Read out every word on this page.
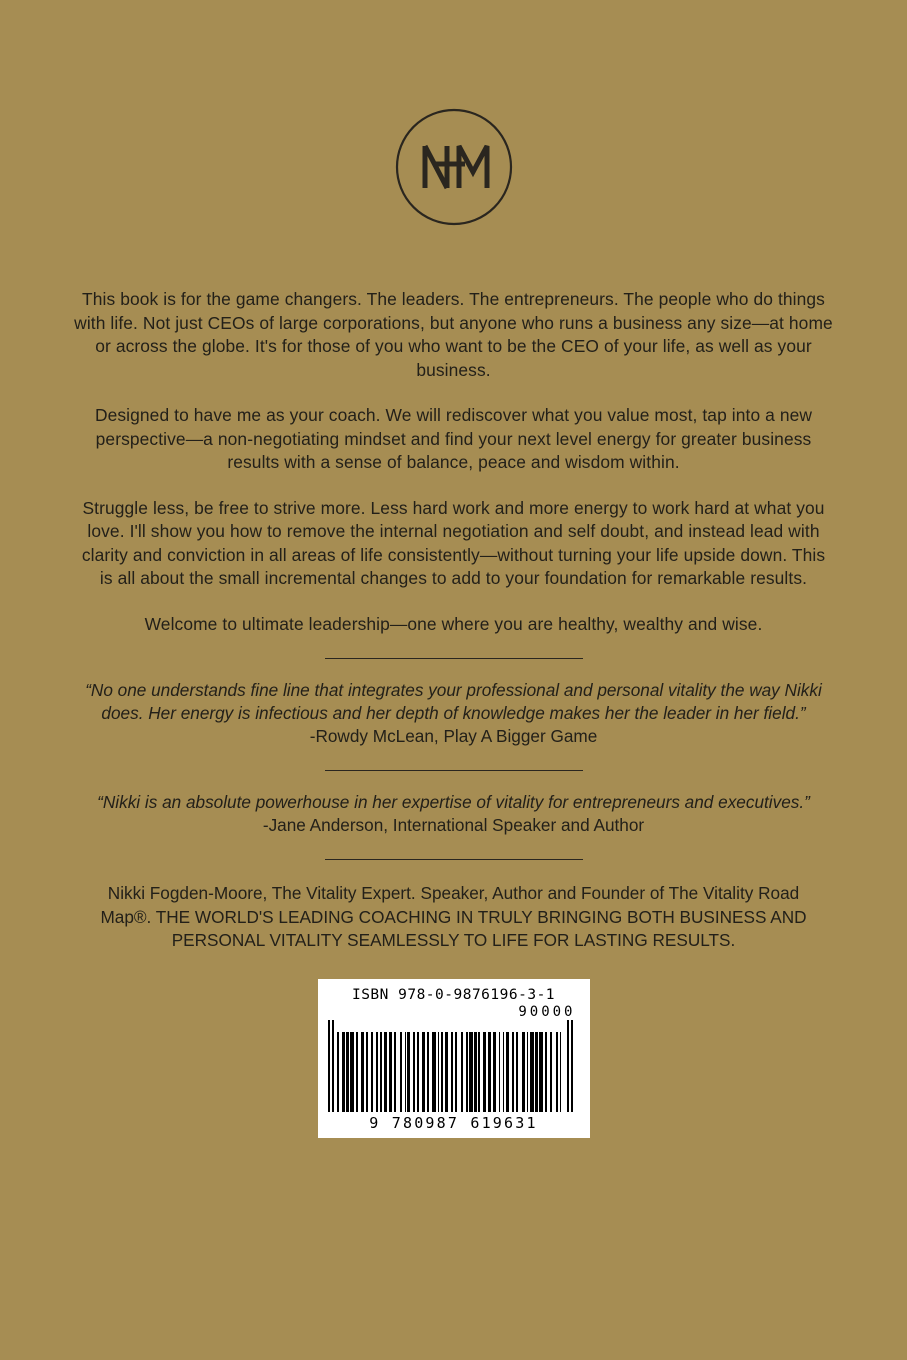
This book is for the game changers. The leaders. The entrepreneurs. The people who do things with life. Not just CEOs of large corporations, but anyone who runs a business any size—at home or across the globe. It's for those of you who want to be the CEO of your life, as well as your business.

Designed to have me as your coach. We will rediscover what you value most, tap into a new perspective—a non-negotiating mindset and find your next level energy for greater business results with a sense of balance, peace and wisdom within.

Struggle less, be free to strive more. Less hard work and more energy to work hard at what you love. I'll show you how to remove the internal negotiation and self doubt, and instead lead with clarity and conviction in all areas of life consistently—without turning your life upside down. This is all about the small incremental changes to add to your foundation for remarkable results.

Welcome to ultimate leadership—one where you are healthy, wealthy and wise.

“No one understands fine line that integrates your professional and personal vitality the way Nikki does. Her energy is infectious and her depth of knowledge makes her the leader in her field.”

-Rowdy McLean, Play A Bigger Game

“Nikki is an absolute powerhouse in her expertise of vitality for entrepreneurs and executives.”

-Jane Anderson, International Speaker and Author

Nikki Fogden-Moore, The Vitality Expert. Speaker, Author and Founder of The Vitality Road Map®. THE WORLD'S LEADING COACHING IN TRULY BRINGING BOTH BUSINESS AND PERSONAL VITALITY SEAMLESSLY TO LIFE FOR LASTING RESULTS.
ISBN 978-0-9876196-3-1
90000
9 780987 619631
